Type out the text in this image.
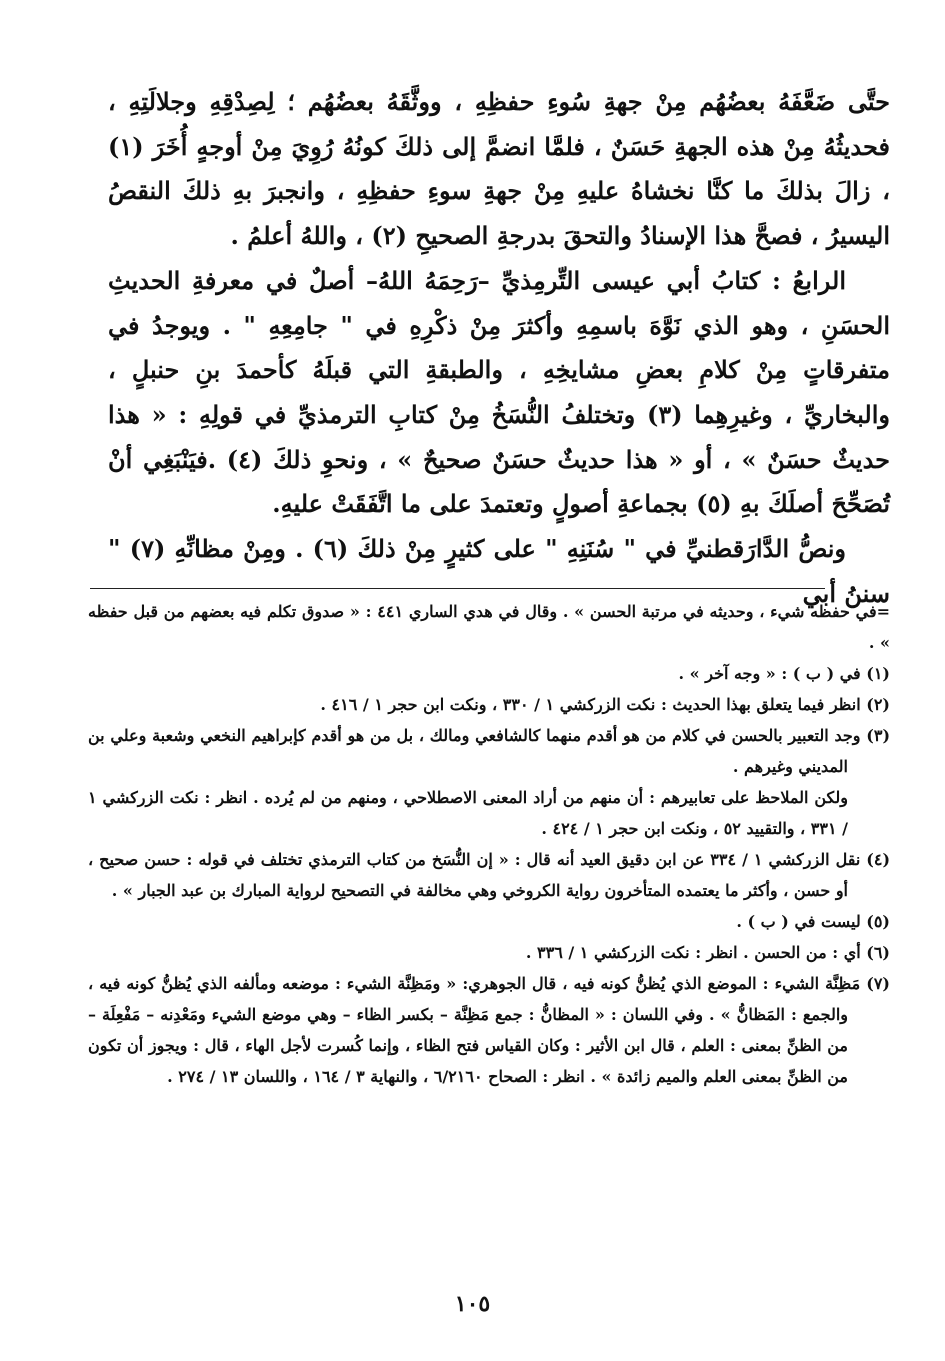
حتَّى ضَعَّفَهُ بعضُهُم مِنْ جهةِ سُوءِ حفظِهِ ، ووثَّقَهُ بعضُهُم ؛ لِصِدْقِهِ وجلالَتِهِ ، فحديثُهُ مِنْ هذه الجهةِ حَسَنٌ ، فلمَّا انضمَّ إلى ذلكَ كونُهُ رُوِيَ مِنْ أوجهٍ أُخَرَ (١) ، زالَ بذلكَ ما كنَّا نخشاهُ عليهِ مِنْ جهةِ سوءِ حفظِهِ ، وانجبرَ بهِ ذلكَ النقصُ اليسيرُ ، فصحَّ هذا الإسنادُ والتحقَ بدرجةِ الصحيحِ (٢) ، واللهُ أعلمُ .

الرابعُ : كتابُ أبي عيسى التِّرمِذيِّ –رَحِمَهُ اللهُ– أصلٌ في معرفةِ الحديثِ الحسَنِ ، وهو الذي نَوَّهَ باسمِهِ وأكثرَ مِنْ ذكْرِهِ في " جامِعِهِ " . ويوجدُ في متفرقاتٍ مِنْ كلامِ بعضِ مشايخِهِ ، والطبقةِ التي قبلَهُ كأحمدَ بنِ حنبلٍ ، والبخاريِّ ، وغيرِهِما (٣) وتختلفُ النُّسَخُ مِنْ كتابِ الترمذيِّ في قولِهِ : « هذا حديثٌ حسَنٌ » ، أو « هذا حديثٌ حسَنٌ صحيحٌ » ، ونحوِ ذلكَ (٤) .فيَنْبَغِي أنْ تُصَحِّحَ أصلَكَ بهِ (٥) بجماعةِ أصولٍ وتعتمدَ على ما اتَّفَقَتْ عليهِ.

ونصُّ الدَّارَقطنيِّ في " سُنَنِهِ " على كثيرٍ مِنْ ذلكَ (٦) . ومِنْ مظانِّهِ (٧) " سننُ أبي

=في حفظه شيء ، وحديثه في مرتبة الحسن » . وقال في هدي الساري ٤٤١ : « صدوق تكلم فيه بعضهم من قبل حفظه » .

(١) في ( ب ) : « وجه آخر » .

(٢) انظر فيما يتعلق بهذا الحديث : نكت الزركشي ١ / ٣٣٠ ، ونكت ابن حجر ١ / ٤١٦ .

(٣) وجد التعبير بالحسن في كلام من هو أقدم منهما كالشافعي ومالك ، بل من هو أقدم كإبراهيم النخعي وشعبة وعلي بن المديني وغيرهم .

ولكن الملاحظ على تعابيرهم : أن منهم من أراد المعنى الاصطلاحي ، ومنهم من لم يُرده . انظر : نكت الزركشي ١ / ٣٣١ ، والتقييد ٥٢ ، ونكت ابن حجر ١ / ٤٢٤ .

(٤) نقل الزركشي ١ / ٣٣٤ عن ابن دقيق العيد أنه قال : « إن النُّسَخ من كتاب الترمذي تختلف في قوله : حسن صحيح ، أو حسن ، وأكثر ما يعتمده المتأخرون رواية الكروخي وهي مخالفة في التصحيح لرواية المبارك بن عبد الجبار » .

(٥) ليست في ( ب ) .

(٦) أي : من الحسن . انظر : نكت الزركشي ١ / ٣٣٦ .

(٧) مَظِنَّة الشيء : الموضع الذي يُظنُّ كونه فيه ، قال الجوهري: « ومَظِنَّة الشيء : موضعه ومألفه الذي يُظنُّ كونه فيه ، والجمع : المَظانُّ » . وفي اللسان : « المظانُّ : جمع مَظِنَّة – بكسر الظاء – وهي موضع الشيء ومَعْدِنه – مَفْعِلَة – من الظنِّ بمعنى : العلم ، قال ابن الأثير : وكان القياس فتح الظاء ، وإنما كُسرت لأجل الهاء ، قال : ويجوز أن تكون من الظنِّ بمعنى العلم والميم زائدة » . انظر : الصحاح ٦/٢١٦٠ ، والنهاية ٣ / ١٦٤ ، واللسان ١٣ / ٢٧٤ .

١٠٥
